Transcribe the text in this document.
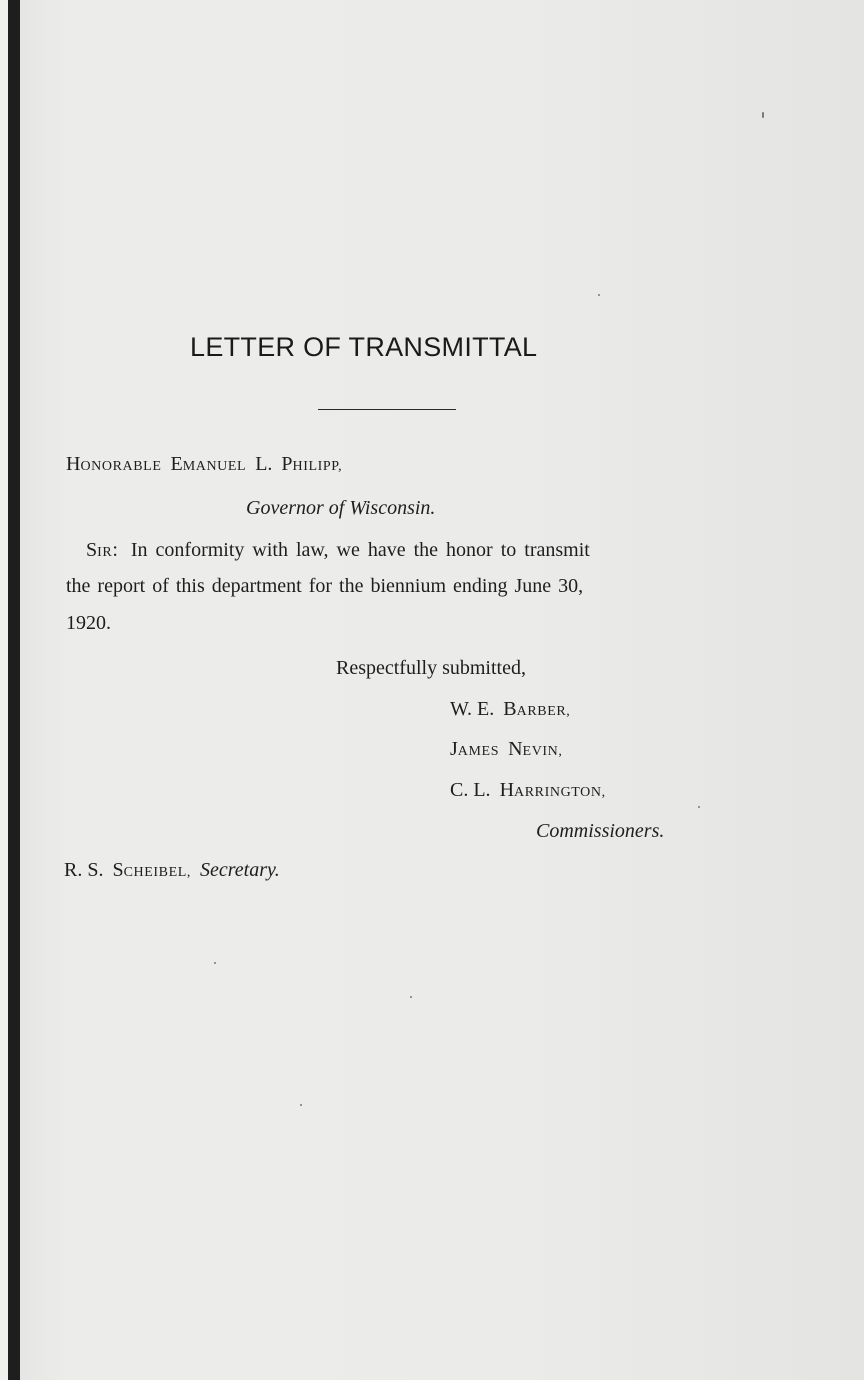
LETTER OF TRANSMITTAL
HONORABLE EMANUEL L. PHILIPP,
Governor of Wisconsin.
SIR: In conformity with law, we have the honor to transmit
the report of this department for the biennium ending June 30,
1920.
Respectfully submitted,
W. E. BARBER,
JAMES NEVIN,
C. L. HARRINGTON,
Commissioners.
R. S. SCHEIBEL, Secretary.
